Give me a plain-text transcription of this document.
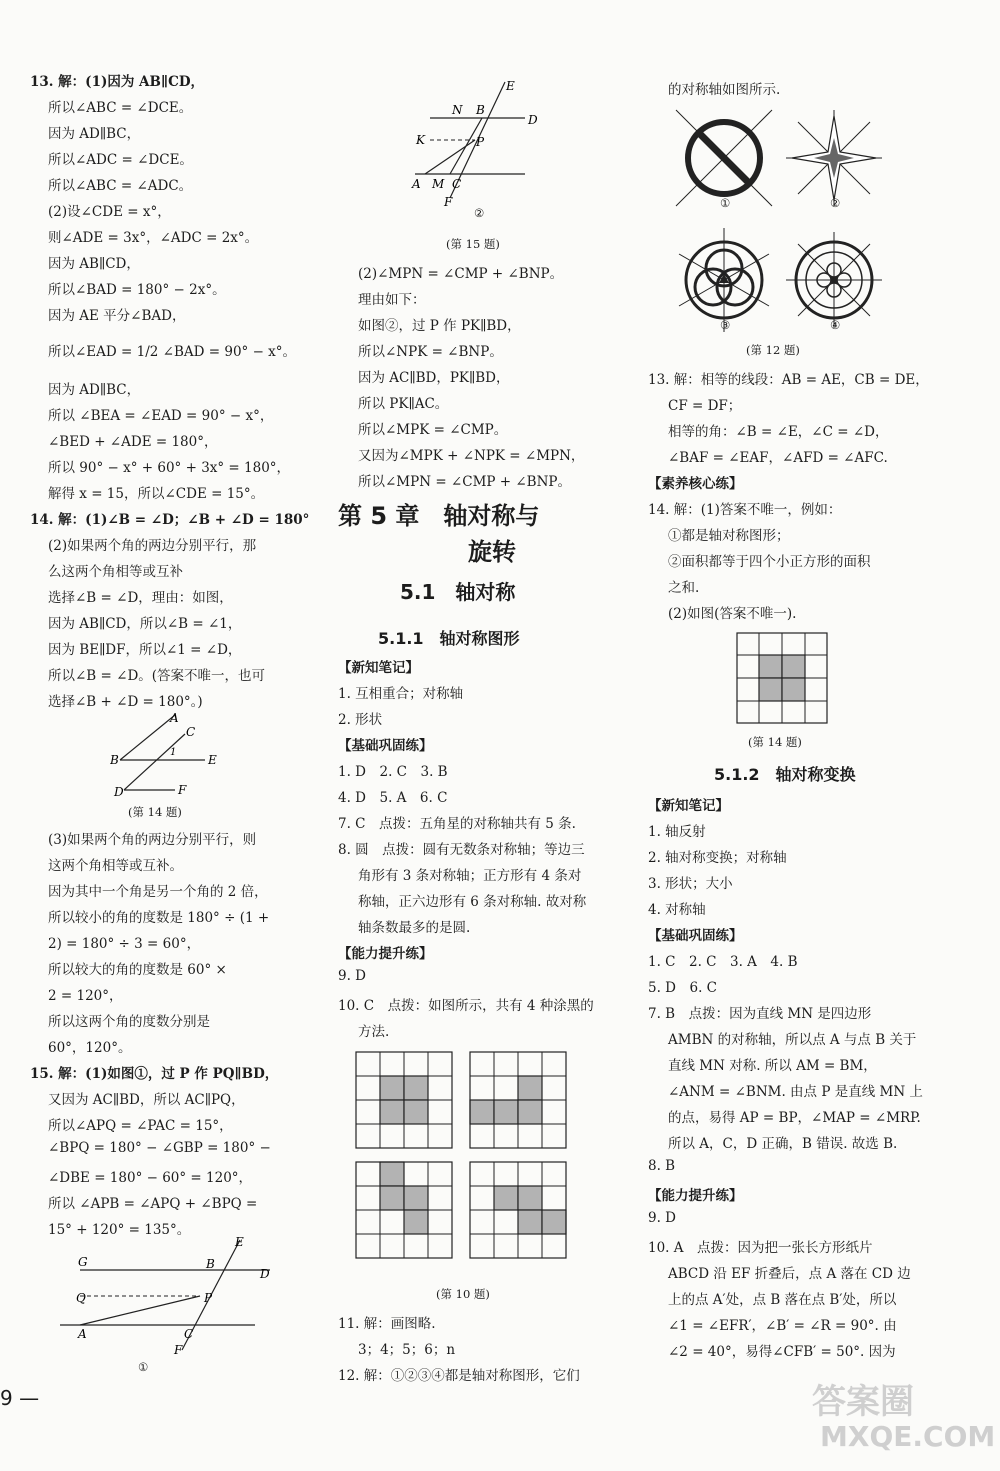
13. 解：(1)因为 AB∥CD，
所以∠ABC = ∠DCE。
因为 AD∥BC，
所以∠ADC = ∠DCE。
所以∠ABC = ∠ADC。
(2)设∠CDE = x°，
则∠ADE = 3x°，∠ADC = 2x°。
因为 AB∥CD，
所以∠BAD = 180° − 2x°。
因为 AE 平分∠BAD，
所以∠EAD = 1/2 ∠BAD = 90° − x°。
因为 AD∥BC，
所以 ∠BEA = ∠EAD = 90° − x°，
∠BED + ∠ADE = 180°，
所以 90° − x° + 60° + 3x° = 180°，
解得 x = 15，所以∠CDE = 15°。
14. 解：(1)∠B = ∠D；∠B + ∠D = 180°
(2)如果两个角的两边分别平行，那
么这两个角相等或互补
选择∠B = ∠D，理由：如图，
因为 AB∥CD，所以∠B = ∠1，
因为 BE∥DF，所以∠1 = ∠D，
所以∠B = ∠D。(答案不唯一，也可
选择∠B + ∠D = 180°。)
A
C
1
B	E
D	F
(第 14 题)
(3)如果两个角的两边分别平行，则
这两个角相等或互补。
因为其中一个角是另一个角的 2 倍，
所以较小的角的度数是 180° ÷ (1 +
2) = 180° ÷ 3 = 60°，
所以较大的角的度数是 60° ×
2 = 120°，
所以这两个角的度数分别是
60°，120°。
15. 解：(1)如图①，过 P 作 PQ∥BD，
又因为 AC∥BD，所以 AC∥PQ，
所以∠APQ = ∠PAC = 15°，
∠BPQ = 180° − ∠GBP = 180° −
∠DBE = 180° − 60° = 120°，
所以 ∠APB = ∠APQ + ∠BPQ =
15° + 120° = 135°。
G	B
E
D
Q	P
A	C
F
①
E
N B
D
K	P
A M C
F
②
(第 15 题)
(2)∠MPN = ∠CMP + ∠BNP。
理由如下：
如图②，过 P 作 PK∥BD，
所以∠NPK = ∠BNP。
因为 AC∥BD，PK∥BD，
所以 PK∥AC。
所以∠MPK = ∠CMP。
又因为∠MPK + ∠NPK = ∠MPN，
所以∠MPN = ∠CMP + ∠BNP。
第 5 章　轴对称与
旋转
5.1　轴对称
5.1.1　轴对称图形
【新知笔记】
1. 互相重合；对称轴
2. 形状
【基础巩固练】
1. D　2. C　3. B
4. D　5. A　6. C
7. C　点拨：五角星的对称轴共有 5 条.
8. 圆　点拨：圆有无数条对称轴；等边三
角形有 3 条对称轴；正方形有 4 条对
称轴，正六边形有 6 条对称轴. 故对称
轴条数最多的是圆.
【能力提升练】
9. D
10. C　点拨：如图所示，共有 4 种涂黑的
方法.
(第 10 题)
11. 解：画图略.
3；4；5；6；n
12. 解：①②③④都是轴对称图形，它们
的对称轴如图所示.
①	②
③	④
(第 12 题)
13. 解：相等的线段：AB = AE，CB = DE，
CF = DF；
相等的角：∠B = ∠E，∠C = ∠D，
∠BAF = ∠EAF，∠AFD = ∠AFC.
【素养核心练】
14. 解：(1)答案不唯一，例如：
①都是轴对称图形；
②面积都等于四个小正方形的面积
之和.
(2)如图(答案不唯一).
(第 14 题)
5.1.2　轴对称变换
【新知笔记】
1. 轴反射
2. 轴对称变换；对称轴
3. 形状；大小
4. 对称轴
【基础巩固练】
1. C　2. C　3. A　4. B
5. D　6. C
7. B　点拨：因为直线 MN 是四边形
AMBN 的对称轴，所以点 A 与点 B 关于
直线 MN 对称. 所以 AM = BM，
∠ANM = ∠BNM. 由点 P 是直线 MN 上
的点，易得 AP = BP，∠MAP = ∠MRP.
所以 A，C，D 正确，B 错误. 故选 B.
8. B
【能力提升练】
9. D
10. A　点拨：因为把一张长方形纸片
ABCD 沿 EF 折叠后，点 A 落在 CD 边
上的点 A′处，点 B 落在点 B′处，所以
∠1 = ∠EFR′，∠B′ = ∠R = 90°. 由
∠2 = 40°，易得∠CFB′ = 50°. 因为
9 —	答案圈
MXQE.COM
